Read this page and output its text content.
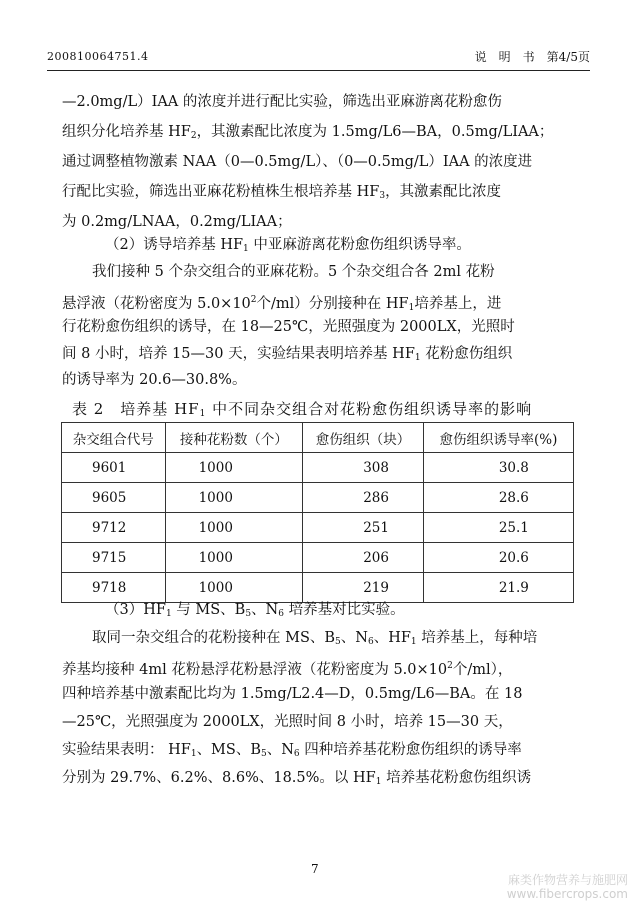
200810064751.4	说　明　书　第4/5页
—2.0mg/L）IAA 的浓度并进行配比实验，筛选出亚麻游离花粉愈伤
组织分化培养基 $HF_2$，其激素配比浓度为 1.5mg/L6—BA，0.5mg/LIAA；
通过调整植物激素 NAA（0—0.5mg/L）、（0—0.5mg/L）IAA 的浓度进
行配比实验，筛选出亚麻花粉植株生根培养基 $HF_3$，其激素配比浓度
为 0.2mg/LNAA，0.2mg/LIAA；
（2）诱导培养基 $HF_1$ 中亚麻游离花粉愈伤组织诱导率。
我们接种 5 个杂交组合的亚麻花粉。5 个杂交组合各 2ml 花粉
悬浮液（花粉密度为 $5.0\times 10^2$个/ml）分别接种在 $HF_1$培养基上，进
行花粉愈伤组织的诱导，在 18—25℃，光照强度为 2000LX，光照时
间 8 小时，培养 15—30 天，实验结果表明培养基 $HF_1$ 花粉愈伤组织
的诱导率为 20.6—30.8%。
表 2　培养基 $HF_1$ 中不同杂交组合对花粉愈伤组织诱导率的影响
杂交组合代号	接种花粉数（个）	愈伤组织（块）	愈伤组织诱导率(%)
9601	1000	308	30.8
9605	1000	286	28.6
9712	1000	251	25.1
9715	1000	206	20.6
9718	1000	219	21.9
$(3)HF_1$ 与 MS、$B_5$、$N_6$ 培养基对比实验。
取同一杂交组合的花粉接种在 MS、$B_5$、$N_6$、$HF_1$ 培养基上，每种培
养基均接种 4ml 花粉悬浮花粉悬浮液（花粉密度为 $5.0\times 10^2$个/ml），
四种培养基中激素配比均为 1.5mg/L2.4—D，0.5mg/L6—BA。在 18
—25℃，光照强度为 2000LX，光照时间 8 小时，培养 15—30 天，
实验结果表明： $HF_1$、MS、$B_5$、$N_6$ 四种培养基花粉愈伤组织的诱导率
分别为 29.7%、6.2%、8.6%、18.5%。以 $HF_1$ 培养基花粉愈伤组织诱
7
麻类作物营养与施肥网
www.fibercrops.com
